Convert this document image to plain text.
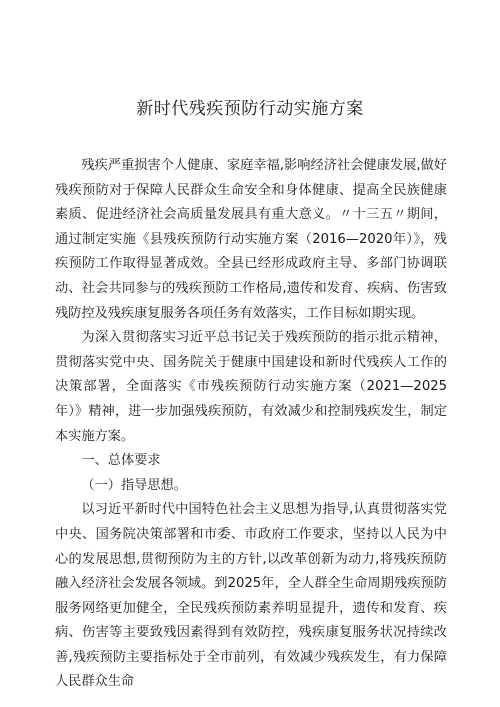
新时代残疾预防行动实施方案

残疾严重损害个人健康、家庭幸福,影响经济社会健康发展,做好残疾预防对于保障人民群众生命安全和身体健康、提高全民族健康素质、促进经济社会高质量发展具有重大意义。〃十三五〃期间，通过制定实施《县残疾预防行动实施方案（2016—2020年）》，残疾预防工作取得显著成效。全县已经形成政府主导、多部门协调联动、社会共同参与的残疾预防工作格局,遗传和发育、疾病、伤害致残防控及残疾康复服务各项任务有效落实，工作目标如期实现。

为深入贯彻落实习近平总书记关于残疾预防的指示批示精神，贯彻落实党中央、国务院关于健康中国建设和新时代残疾人工作的决策部署，全面落实《市残疾预防行动实施方案（2021—2025年）》精神，进一步加强残疾预防，有效减少和控制残疾发生，制定本实施方案。

一、总体要求

（一）指导思想。

以习近平新时代中国特色社会主义思想为指导,认真贯彻落实党中央、国务院决策部署和市委、市政府工作要求，坚持以人民为中心的发展思想,贯彻预防为主的方针,以改革创新为动力,将残疾预防融入经济社会发展各领域。到2025年，全人群全生命周期残疾预防服务网络更加健全，全民残疾预防素养明显提升，遗传和发育、疾病、伤害等主要致残因素得到有效防控，残疾康复服务状况持续改善,残疾预防主要指标处于全市前列，有效减少残疾发生，有力保障人民群众生命
